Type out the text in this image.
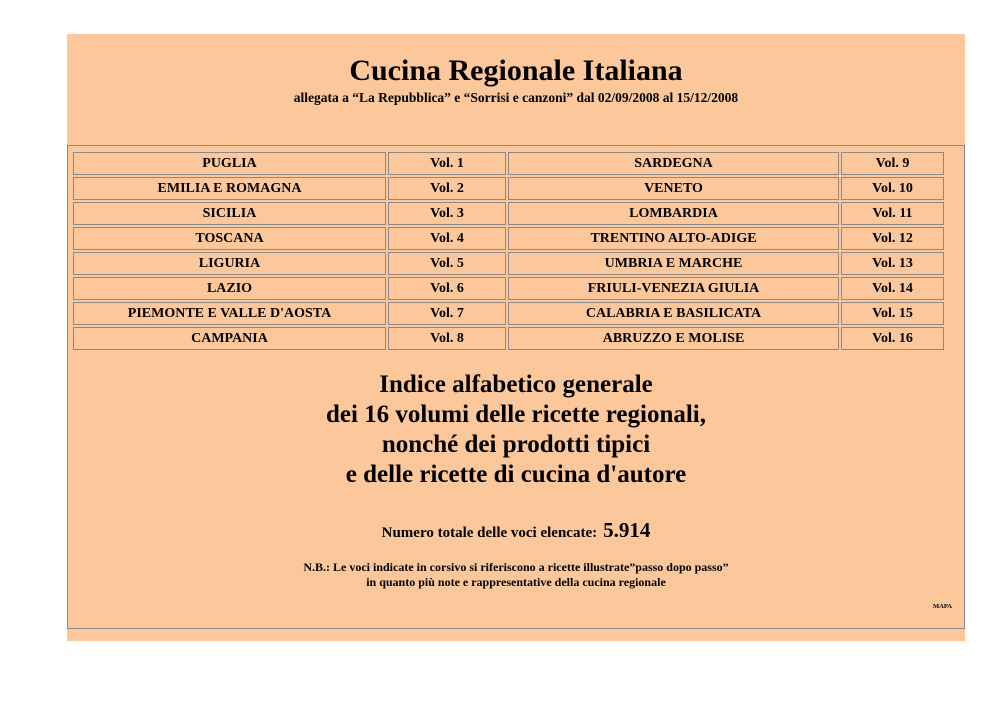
Cucina Regionale Italiana
allegata a “La Repubblica” e “Sorrisi e canzoni” dal 02/09/2008 al 15/12/2008
PUGLIA	Vol. 1	SARDEGNA	Vol. 9
EMILIA E ROMAGNA	Vol. 2	VENETO	Vol. 10
SICILIA	Vol. 3	LOMBARDIA	Vol. 11
TOSCANA	Vol. 4	TRENTINO ALTO-ADIGE	Vol. 12
LIGURIA	Vol. 5	UMBRIA E MARCHE	Vol. 13
LAZIO	Vol. 6	FRIULI-VENEZIA GIULIA	Vol. 14
PIEMONTE E VALLE D'AOSTA	Vol. 7	CALABRIA E BASILICATA	Vol. 15
CAMPANIA	Vol. 8	ABRUZZO E MOLISE	Vol. 16
Indice alfabetico generale
dei 16 volumi delle ricette regionali,
nonché dei prodotti tipici
e delle ricette di cucina d'autore
Numero totale delle voci elencate: 5.914
N.B.: Le voci indicate in corsivo si riferiscono a ricette illustrate”passo dopo passo”
in quanto più note e rappresentative della cucina regionale
MAPA
